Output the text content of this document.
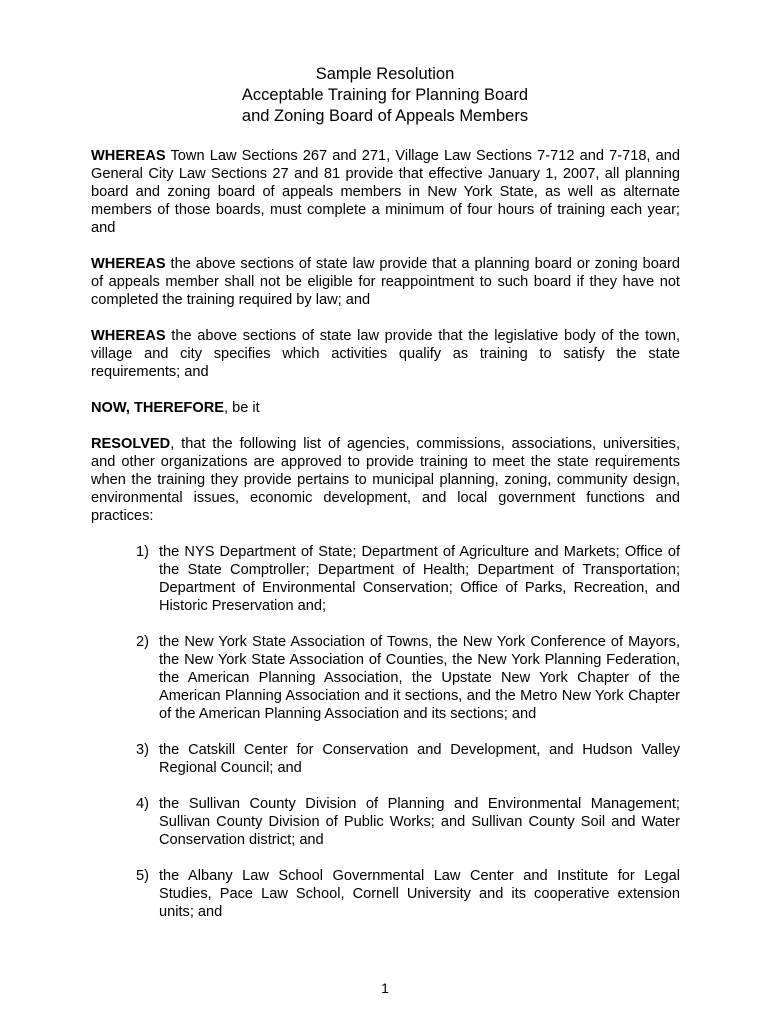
Sample Resolution
Acceptable Training for Planning Board
and Zoning Board of Appeals Members

WHEREAS Town Law Sections 267 and 271, Village Law Sections 7-712 and 7-718, and General City Law Sections 27 and 81 provide that effective January 1, 2007, all planning board and zoning board of appeals members in New York State, as well as alternate members of those boards, must complete a minimum of four hours of training each year; and

WHEREAS the above sections of state law provide that a planning board or zoning board of appeals member shall not be eligible for reappointment to such board if they have not completed the training required by law; and

WHEREAS the above sections of state law provide that the legislative body of the town, village and city specifies which activities qualify as training to satisfy the state requirements; and

NOW, THEREFORE, be it

RESOLVED, that the following list of agencies, commissions, associations, universities, and other organizations are approved to provide training to meet the state requirements when the training they provide pertains to municipal planning, zoning, community design, environmental issues, economic development, and local government functions and practices:

1) the NYS Department of State; Department of Agriculture and Markets; Office of the State Comptroller; Department of Health; Department of Transportation; Department of Environmental Conservation; Office of Parks, Recreation, and Historic Preservation and;
2) the New York State Association of Towns, the New York Conference of Mayors, the New York State Association of Counties, the New York Planning Federation, the American Planning Association, the Upstate New York Chapter of the American Planning Association and it sections, and the Metro New York Chapter of the American Planning Association and its sections; and
3) the Catskill Center for Conservation and Development, and Hudson Valley Regional Council; and
4) the Sullivan County Division of Planning and Environmental Management; Sullivan County Division of Public Works; and Sullivan County Soil and Water Conservation district; and
5) the Albany Law School Governmental Law Center and Institute for Legal Studies, Pace Law School, Cornell University and its cooperative extension units; and
1
